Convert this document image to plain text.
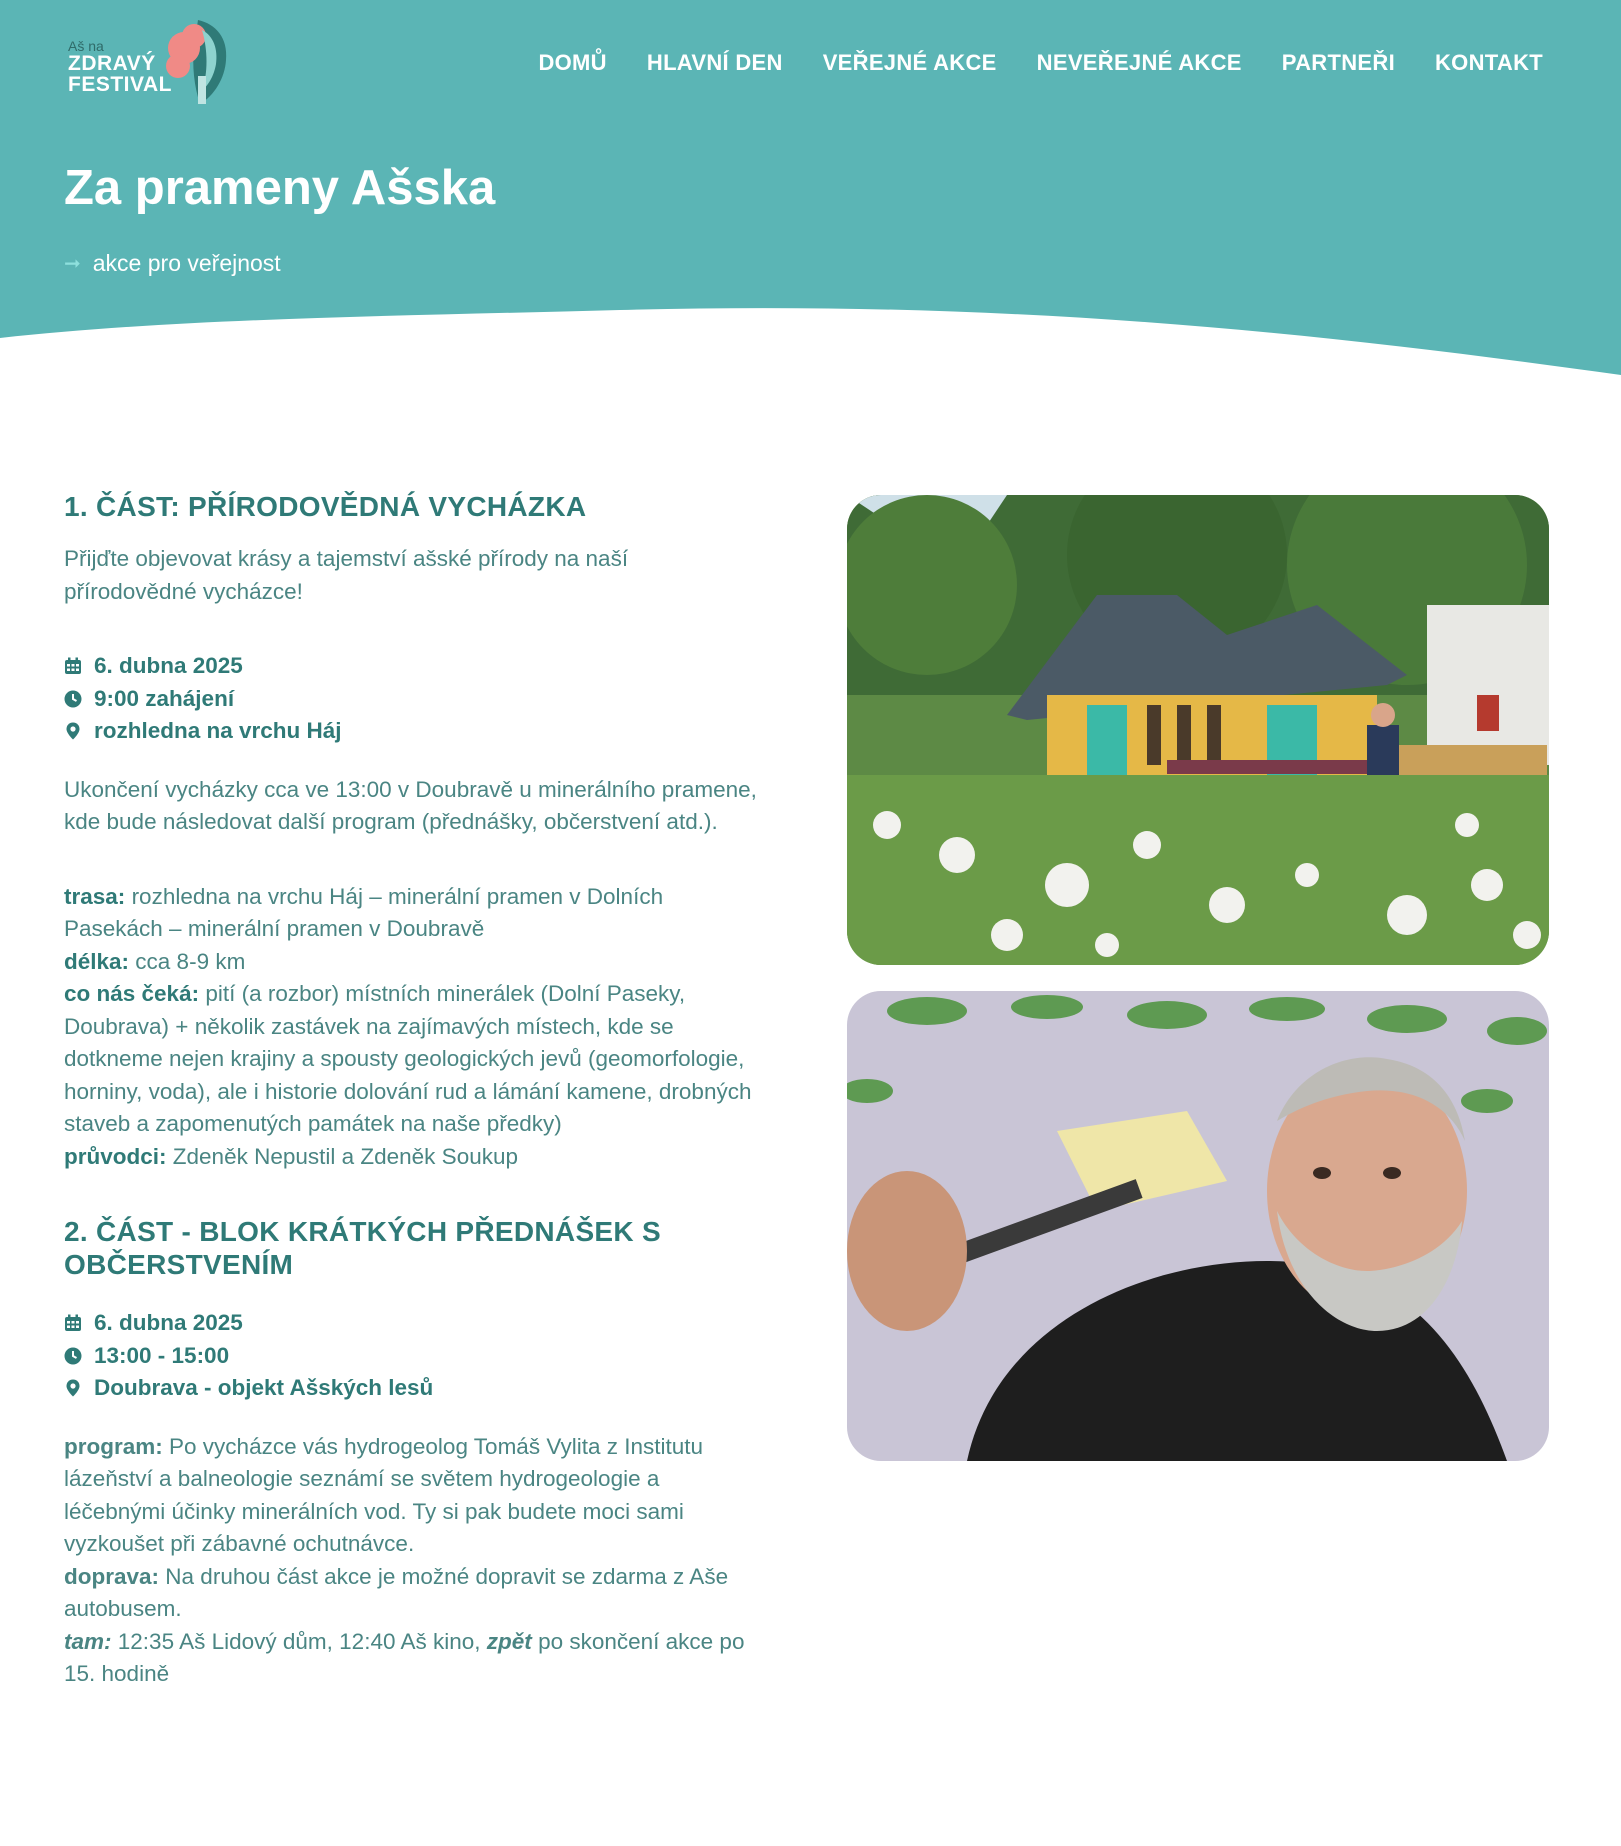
Aš na
ZDRAVÝ
FESTIVAL
DOMŮ HLAVNÍ DEN VEŘEJNÉ AKCE NEVEŘEJNÉ AKCE PARTNEŘI KONTAKT
Za prameny Ašska
➞ akce pro veřejnost
1. ČÁST: PŘÍRODOVĚDNÁ VYCHÁZKA

Přijďte objevovat krásy a tajemství ašské přírody na naší přírodovědné vycházce!

6. dubna 2025
9:00 zahájení
rozhledna na vrchu Háj

Ukončení vycházky cca ve 13:00 v Doubravě u minerálního pramene, kde bude následovat další program (přednášky, občerstvení atd.).

trasa: rozhledna na vrchu Háj – minerální pramen v Dolních Pasekách – minerální pramen v Doubravě
délka: cca 8-9 km
co nás čeká: pití (a rozbor) místních minerálek (Dolní Paseky, Doubrava) + několik zastávek na zajímavých místech, kde se dotkneme nejen krajiny a spousty geologických jevů (geomorfologie, horniny, voda), ale i historie dolování rud a lámání kamene, drobných staveb a zapomenutých památek na naše předky)
průvodci: Zdeněk Nepustil a Zdeněk Soukup

2. ČÁST - BLOK KRÁTKÝCH PŘEDNÁŠEK S OBČERSTVENÍM
6. dubna 2025
13:00 - 15:00
Doubrava - objekt Ašských lesů

program: Po vycházce vás hydrogeolog Tomáš Vylita z Institutu lázeňství a balneologie seznámí se světem hydrogeologie a léčebnými účinky minerálních vod. Ty si pak budete moci sami vyzkoušet při zábavné ochutnávce.
doprava: Na druhou část akce je možné dopravit se zdarma z Aše autobusem.
tam: 12:35 Aš Lidový dům, 12:40 Aš kino, zpět po skončení akce po 15. hodině
